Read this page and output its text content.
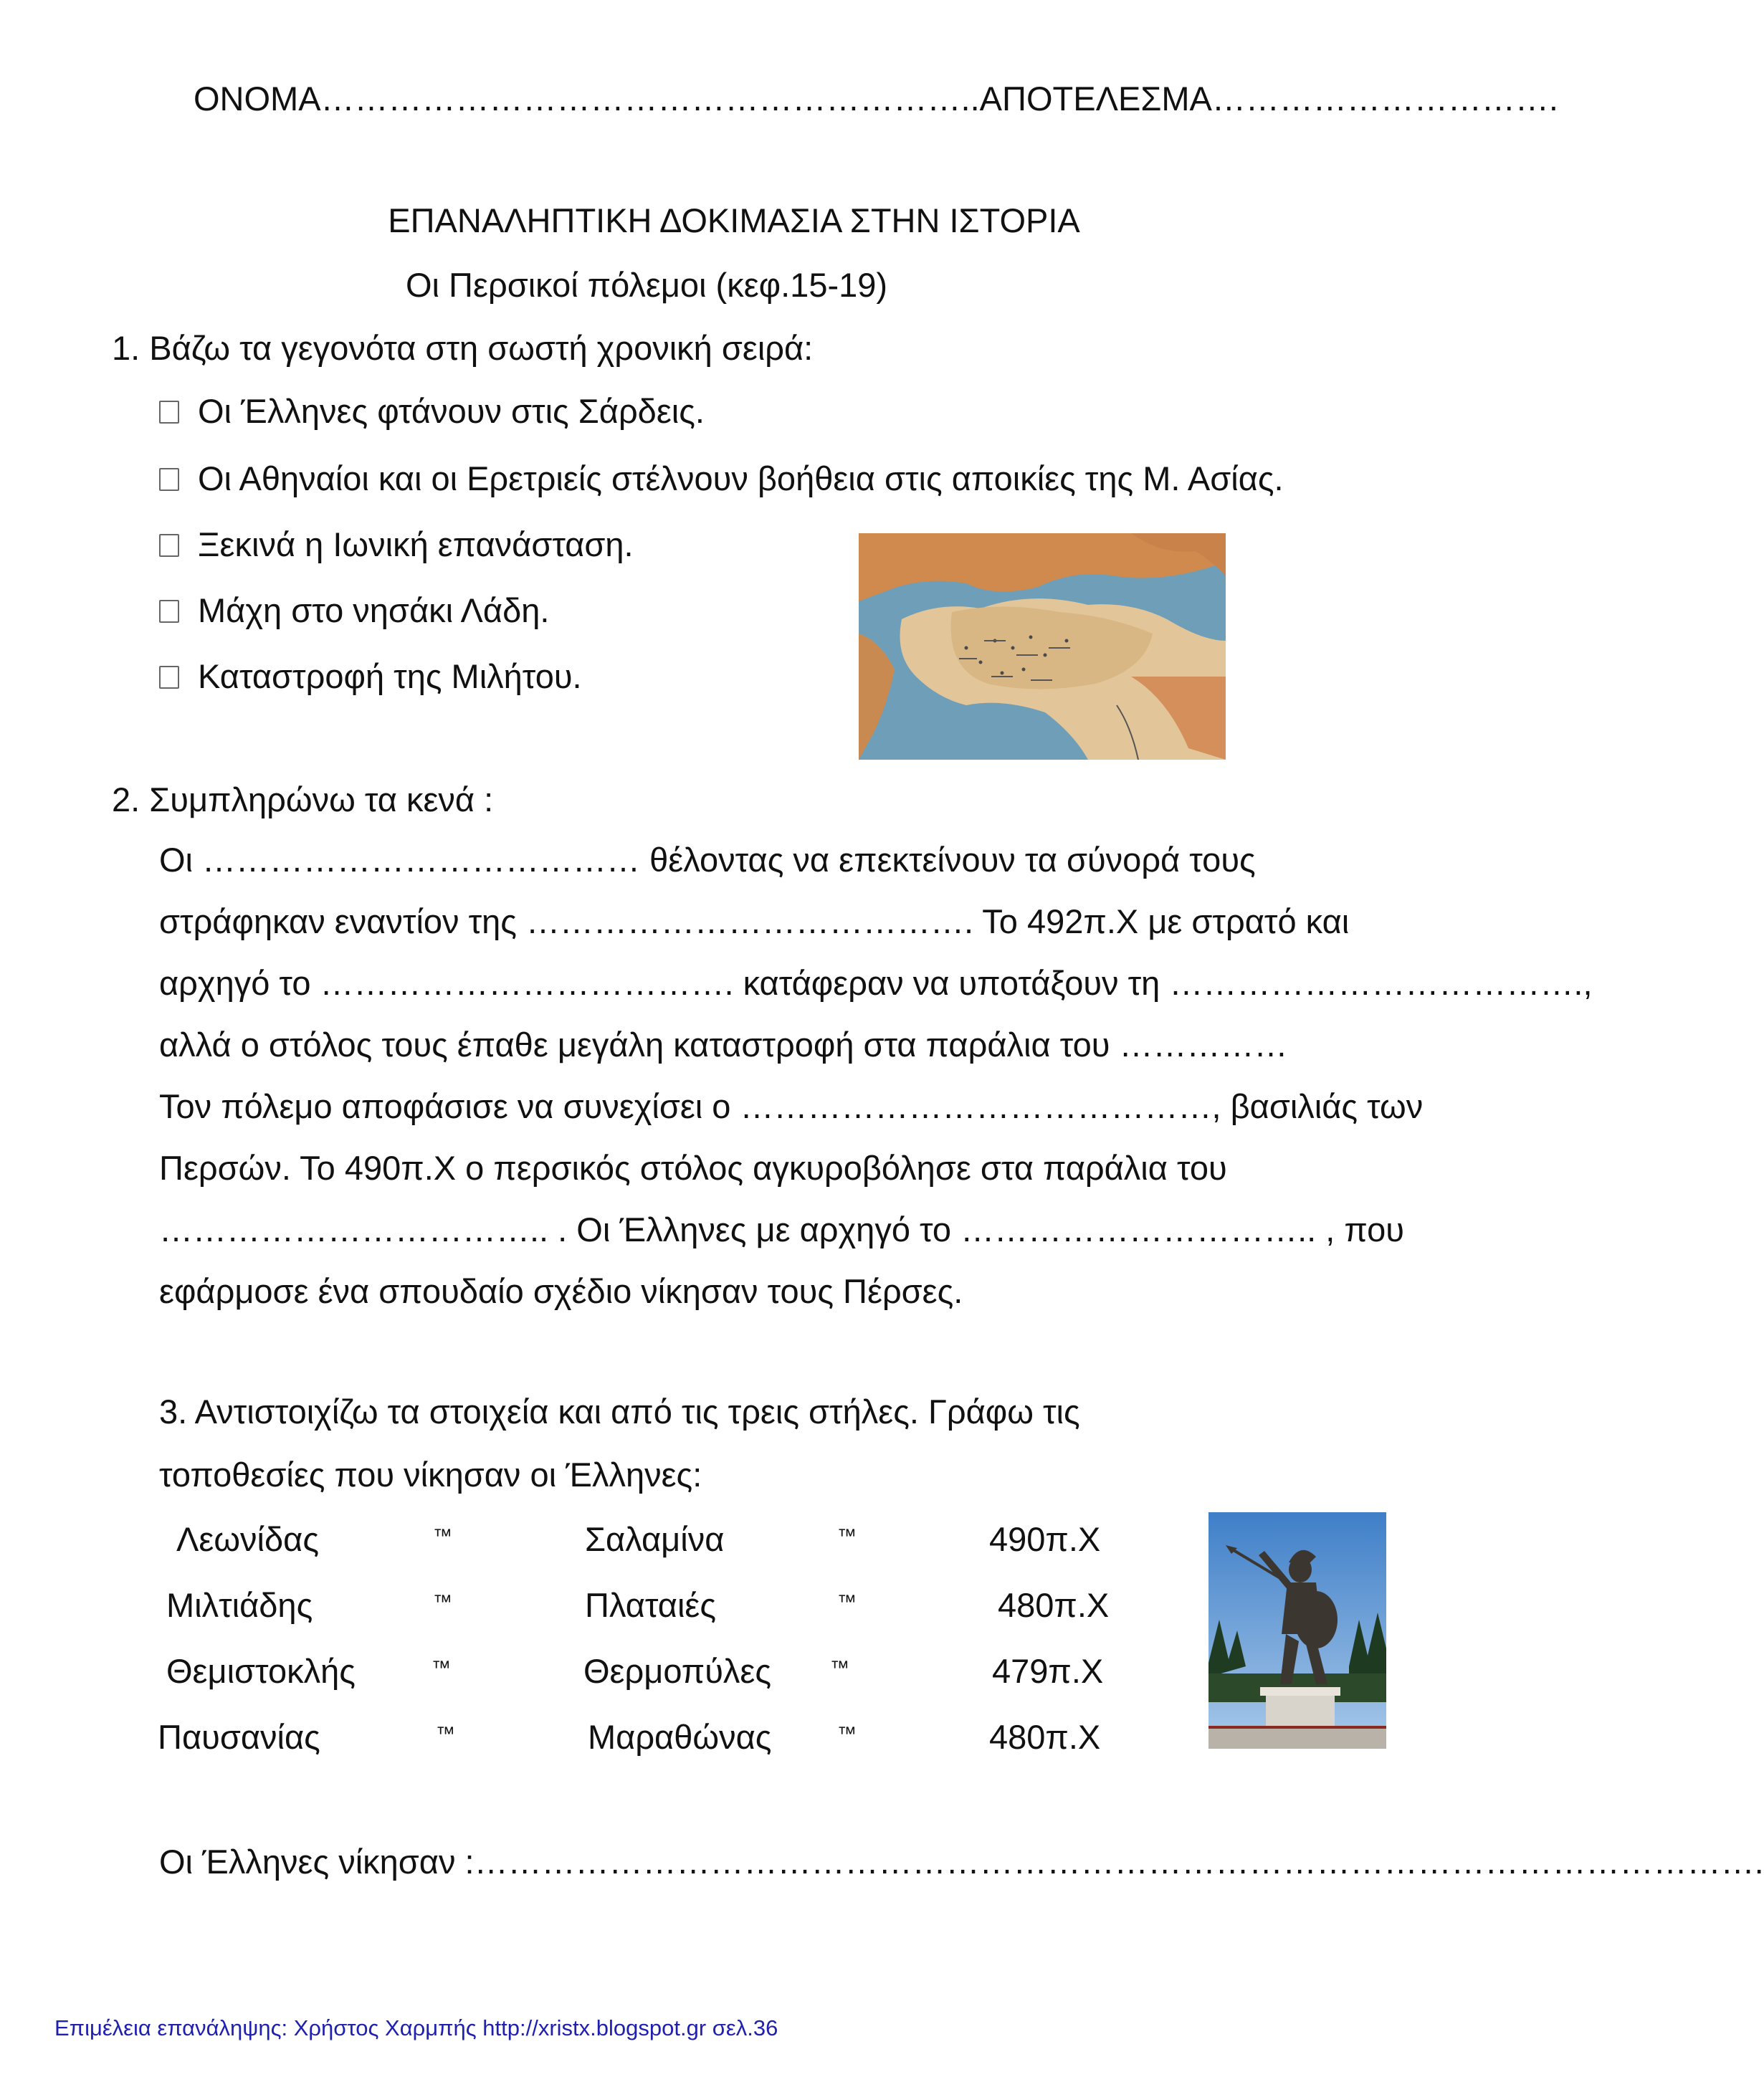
ΟΝΟΜΑ…………………………………………………..ΑΠΟΤΕΛΕΣΜΑ………………………….
ΕΠΑΝΑΛΗΠΤΙΚΗ ΔΟΚΙΜΑΣΙΑ ΣΤΗΝ ΙΣΤΟΡΙΑ
Οι Περσικοί πόλεμοι (κεφ.15-19)
1. Βάζω τα γεγονότα στη σωστή χρονική σειρά:
Οι Έλληνες φτάνουν στις Σάρδεις.
Οι Αθηναίοι και οι Ερετριείς στέλνουν βοήθεια στις αποικίες της Μ. Ασίας.
Ξεκινά η Ιωνική επανάσταση.
Μάχη στο νησάκι Λάδη.
Καταστροφή της Μιλήτου.
2. Συμπληρώνω τα κενά :
Οι ………………………………… θέλοντας να επεκτείνουν τα σύνορά τους
στράφηκαν εναντίον της …………………………………. Το 492π.Χ με στρατό και
αρχηγό το ………………………………. κατάφεραν να υποτάξουν τη ……………………………….,
αλλά ο στόλος τους έπαθε μεγάλη καταστροφή στα παράλια του ……………
Τον πόλεμο αποφάσισε να συνεχίσει ο ……………………………………, βασιλιάς των
Περσών. Το 490π.Χ ο περσικός στόλος αγκυροβόλησε στα παράλια του
…………………………….. . Οι Έλληνες με αρχηγό το ………………………….. , που
εφάρμοσε ένα σπουδαίο σχέδιο νίκησαν τους Πέρσες.
3. Αντιστοιχίζω τα στοιχεία και από τις τρεις στήλες. Γράφω τις
τοποθεσίες που νίκησαν οι Έλληνες:
Λεωνίδας	™	Σαλαμίνα	™	490π.Χ
Μιλτιάδης	™	Πλαταιές	™	480π.Χ
Θεμιστοκλής	™	Θερμοπύλες	™	479π.Χ
Παυσανίας	™	Μαραθώνας	™	480π.Χ
Οι Έλληνες νίκησαν :…………………………………………………………………………………………………….
Επιμέλεια επανάληψης: Χρήστος Χαρμπής http://xristx.blogspot.gr σελ.36
